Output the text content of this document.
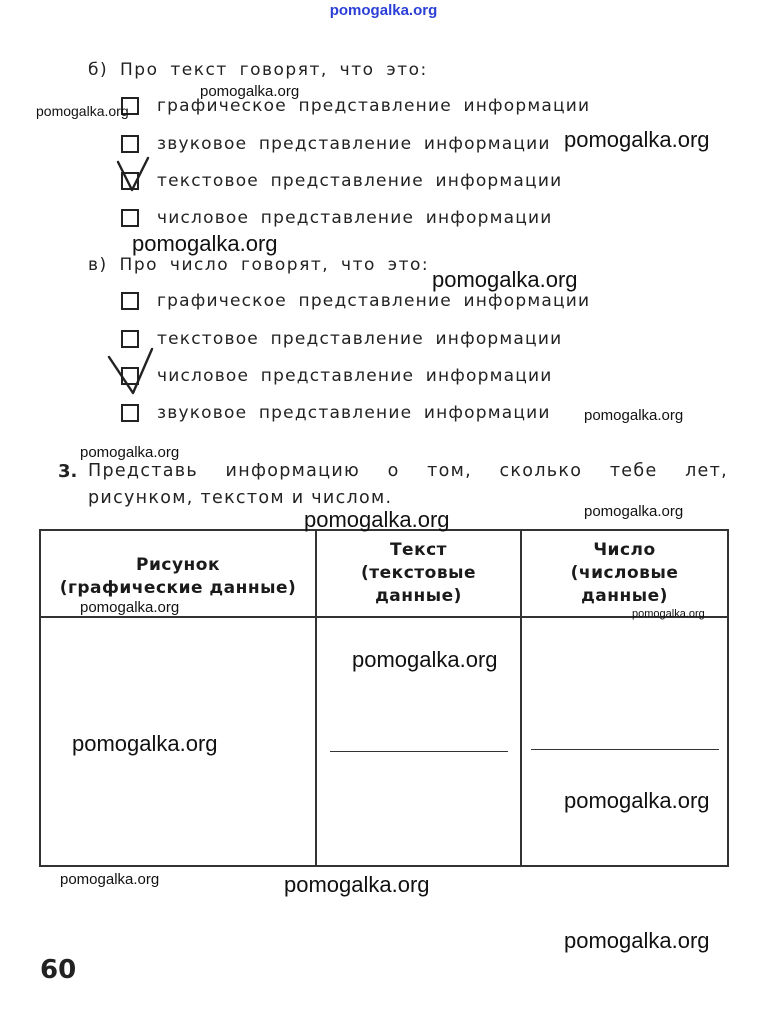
pomogalka.org
б) Про текст говорят, что это:
графическое представление информации
звуковое представление информации
текстовое представление информации
числовое представление информации
в) Про число говорят, что это:
графическое представление информации
текстовое представление информации
числовое представление информации
звуковое представление информации
3. Представь информацию о том, сколько тебе лет,
рисунком, текстом и числом.
Рисунок
(графические данные)
Текст
(текстовые
данные)
Число
(числовые
данные)
pomogalka.org
pomogalka.org
pomogalka.org
pomogalka.org
pomogalka.org
pomogalka.org
pomogalka.org
pomogalka.org
pomogalka.org
pomogalka.org	pomogalka.org
pomogalka.org
pomogalka.org
pomogalka.org
pomogalka.org	pomogalka.org
pomogalka.org
60
